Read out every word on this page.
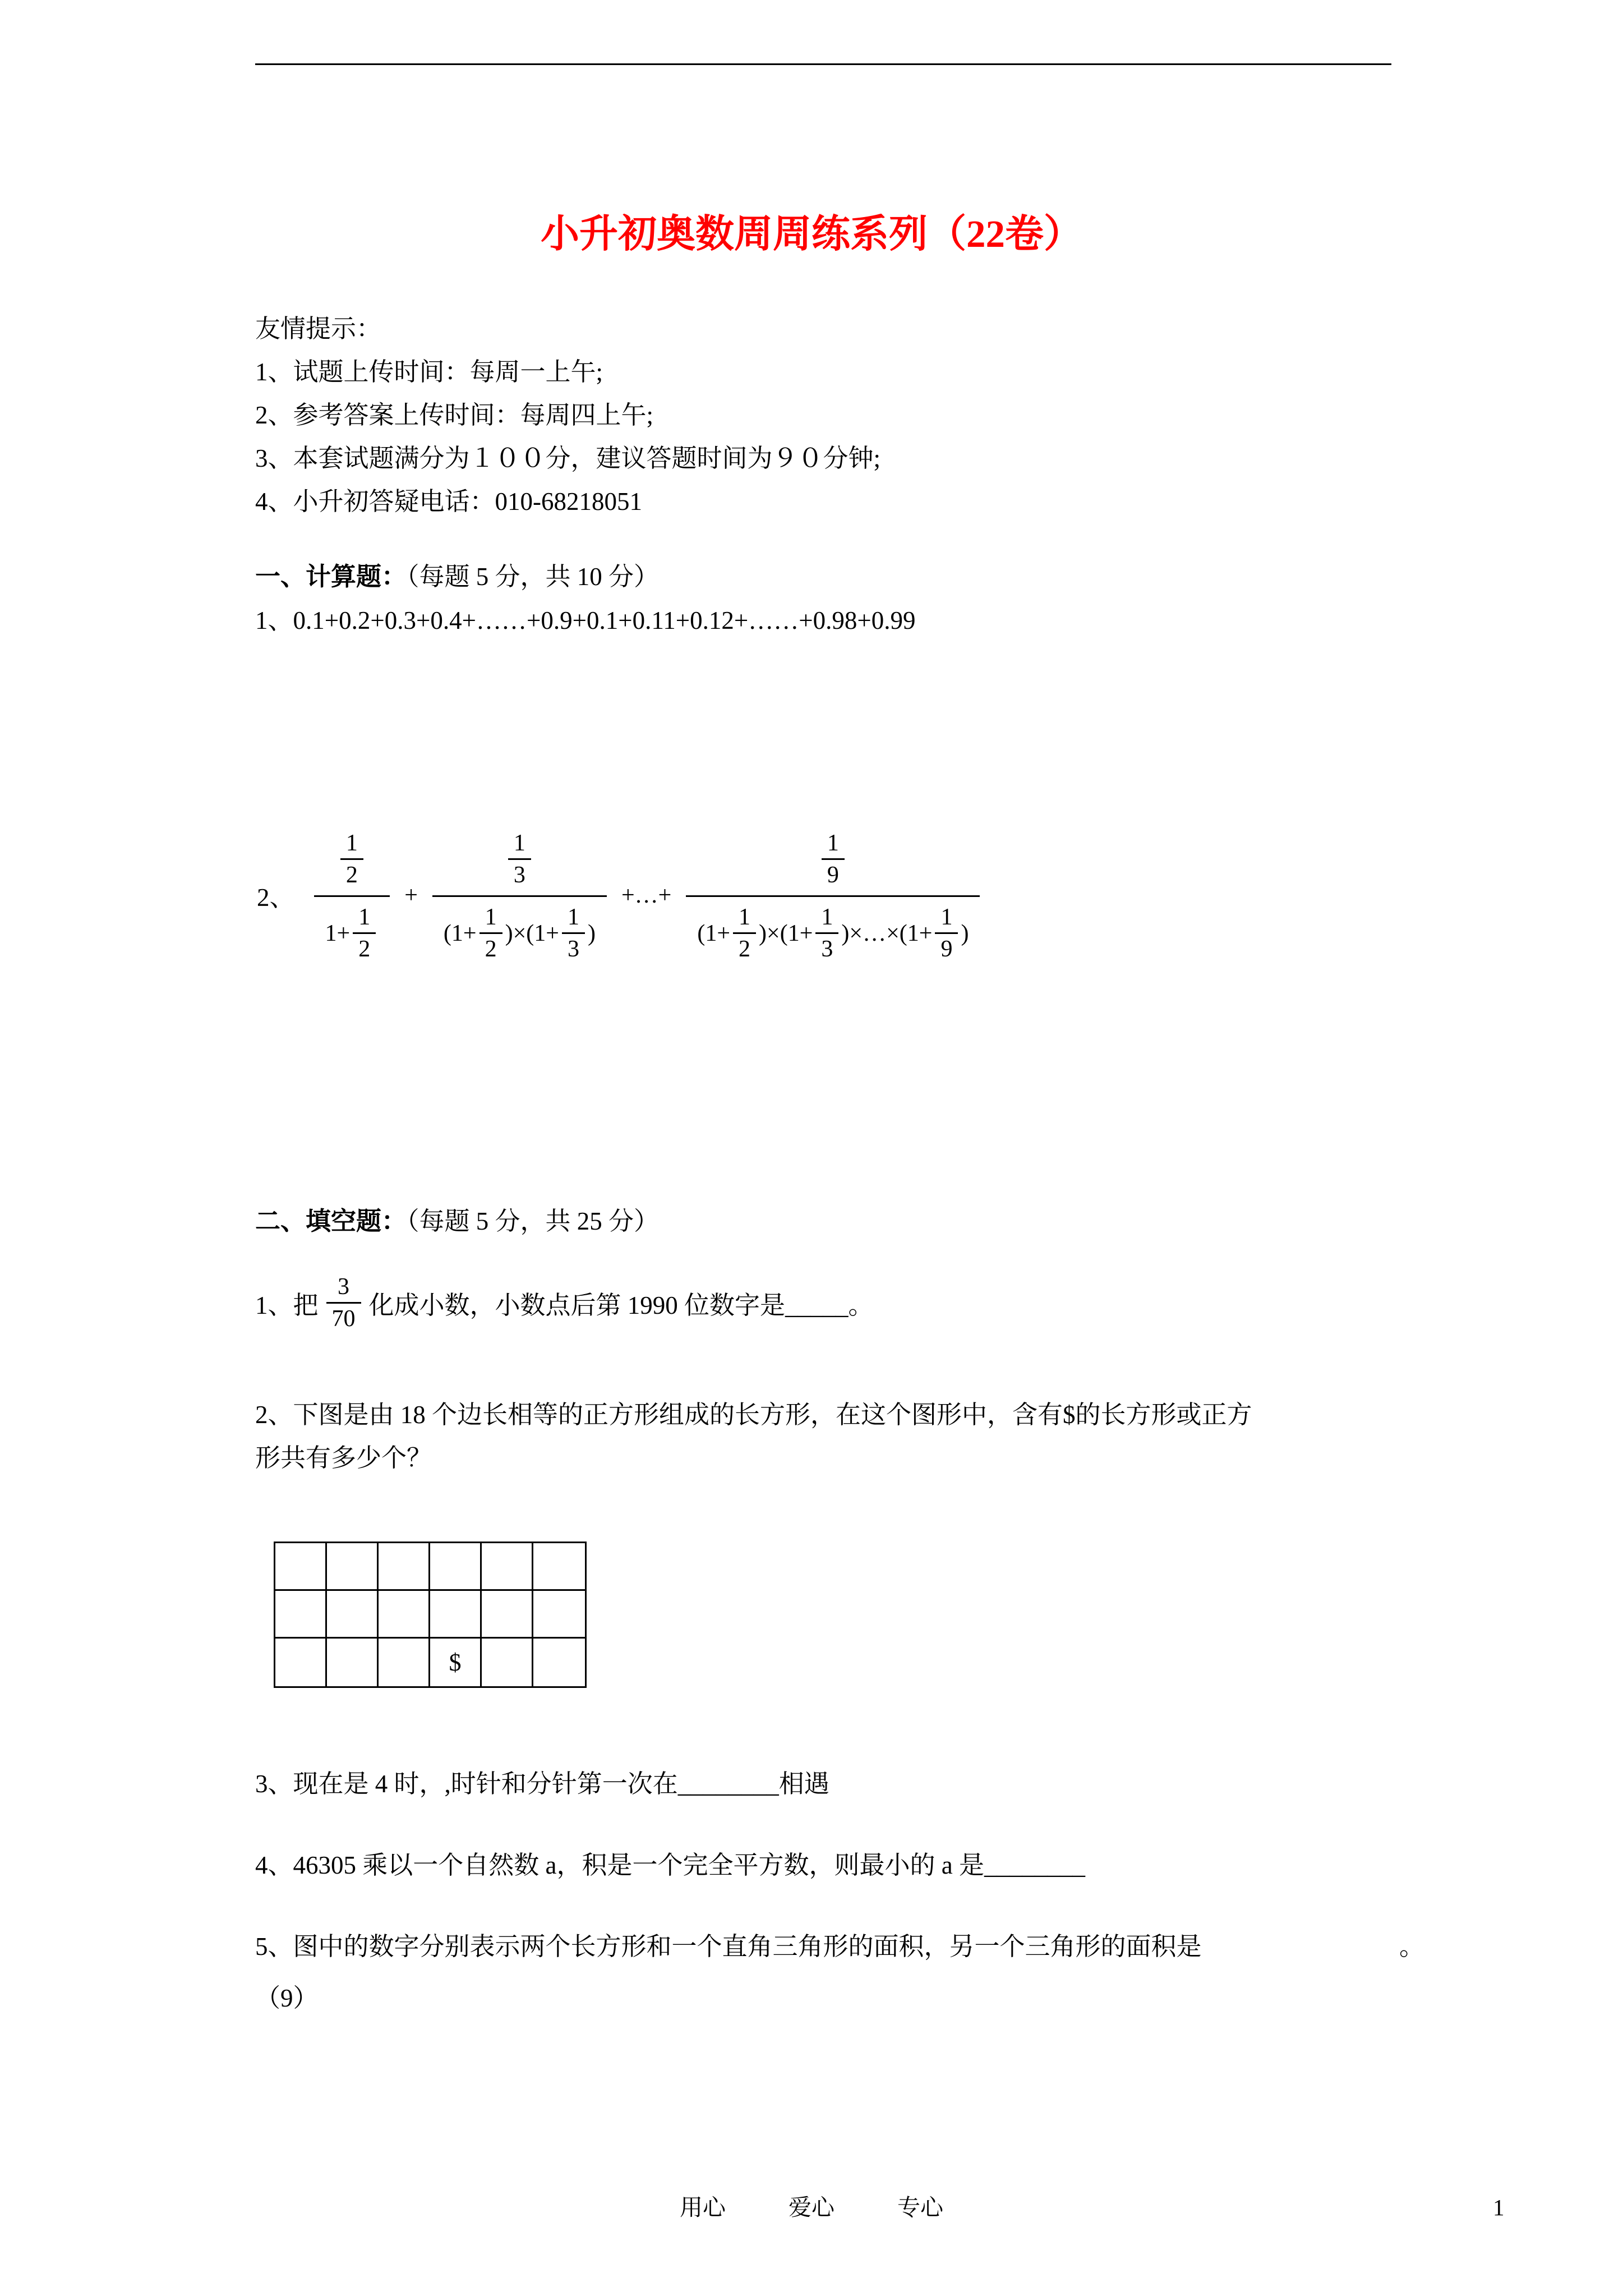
小升初奥数周周练系列（22卷）
友情提示：
1、试题上传时间：每周一上午;
2、参考答案上传时间：每周四上午;
3、本套试题满分为１００分，建议答题时间为９０分钟;
4、小升初答疑电话：010-68218051
一、计算题：（每题 5 分，共 10 分）
1、0.1+0.2+0.3+0.4+……+0.9+0.1+0.11+0.12+……+0.98+0.99
2、 $\frac{\frac{1}{2}}{1+ \frac{1}{2}}$ +
$\frac{1}{3}$
($1+ \frac{1}{2}$ ) × ($1+ \frac{1}{3}$ )
+…+
$\frac{1}{9}$
($1+ \frac{1}{2}$ ) × ($1+ \frac{1}{3}$ ) ×…× ($1+ \frac{1}{9}$ )
二、填空题：（每题 5 分，共 25 分）
1、把 $\frac{3}{70}$ 化成小数，小数点后第 1990 位数字是_____。
2、下图是由 18 个边长相等的正方形组成的长方形，在这个图形中，含有$的长方形或正方
形共有多少个？
$
3、现在是 4 时，,时针和分针第一次在________相遇
4、46305 乘以一个自然数 a，积是一个完全平方数，则最小的 a 是________
5、图中的数字分别表示两个长方形和一个直角三角形的面积，另一个三角形的面积是	。
（9）
用心	爱心	专心	1
